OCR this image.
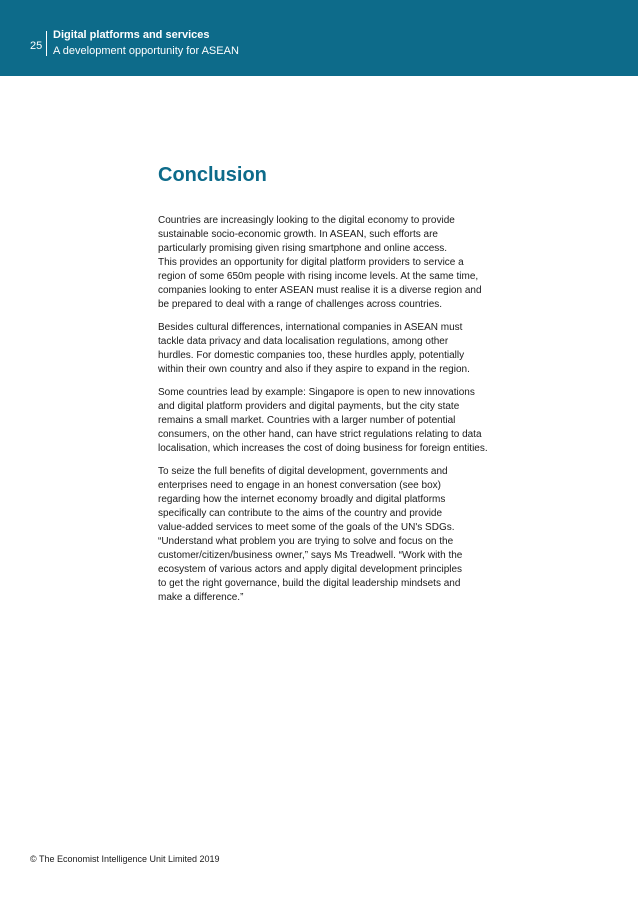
25
Digital platforms and services
A development opportunity for ASEAN
Conclusion

Countries are increasingly looking to the digital economy to provide
sustainable socio-economic growth. In ASEAN, such efforts are
particularly promising given rising smartphone and online access.
This provides an opportunity for digital platform providers to service a
region of some 650m people with rising income levels. At the same time,
companies looking to enter ASEAN must realise it is a diverse region and
be prepared to deal with a range of challenges across countries.

Besides cultural differences, international companies in ASEAN must
tackle data privacy and data localisation regulations, among other
hurdles. For domestic companies too, these hurdles apply, potentially
within their own country and also if they aspire to expand in the region.

Some countries lead by example: Singapore is open to new innovations
and digital platform providers and digital payments, but the city state
remains a small market. Countries with a larger number of potential
consumers, on the other hand, can have strict regulations relating to data
localisation, which increases the cost of doing business for foreign entities.

To seize the full benefits of digital development, governments and
enterprises need to engage in an honest conversation (see box)
regarding how the internet economy broadly and digital platforms
specifically can contribute to the aims of the country and provide
value-added services to meet some of the goals of the UN's SDGs.
“Understand what problem you are trying to solve and focus on the
customer/citizen/business owner,” says Ms Treadwell. “Work with the
ecosystem of various actors and apply digital development principles
to get the right governance, build the digital leadership mindsets and
make a difference.”

© The Economist Intelligence Unit Limited 2019
